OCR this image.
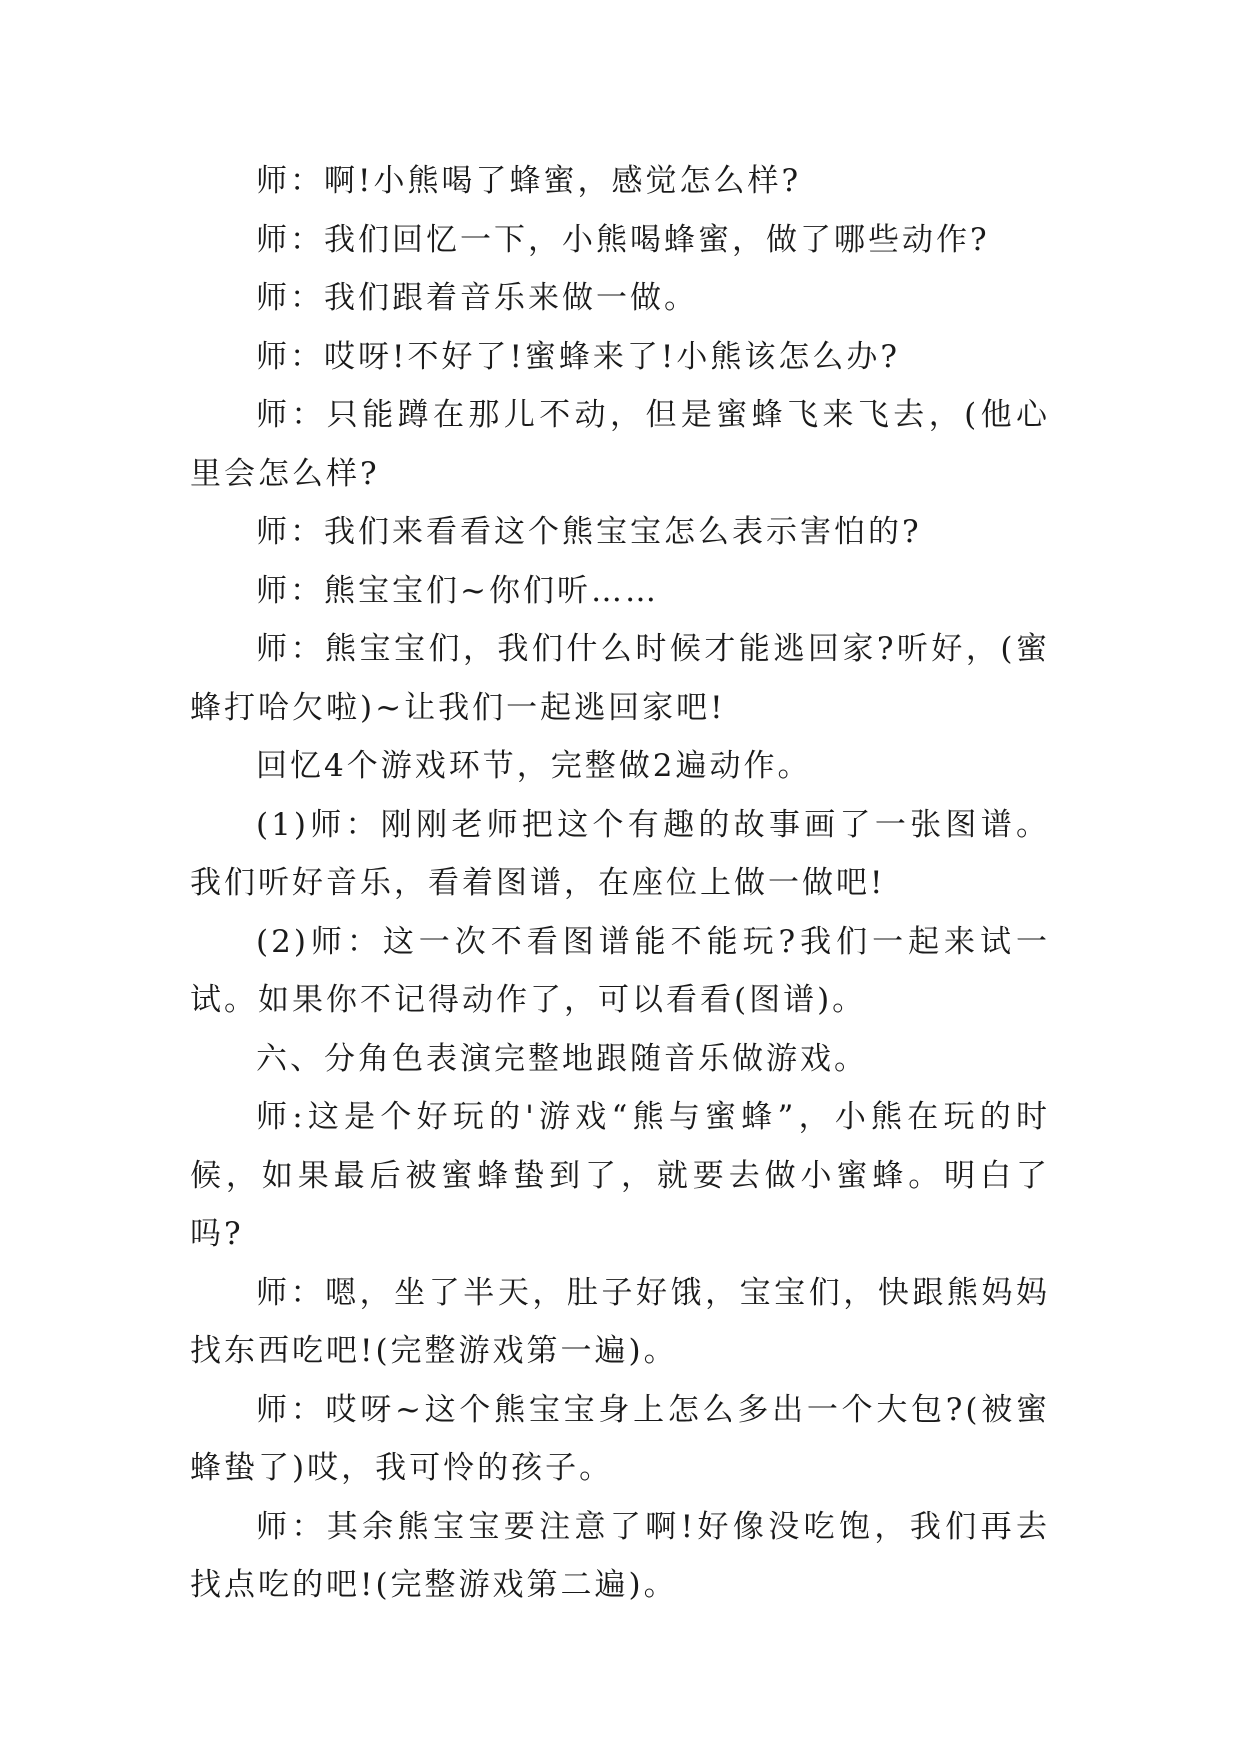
师：啊!小熊喝了蜂蜜，感觉怎么样?

师：我们回忆一下，小熊喝蜂蜜，做了哪些动作?

师：我们跟着音乐来做一做。

师：哎呀!不好了!蜜蜂来了!小熊该怎么办?

师：只能蹲在那儿不动，但是蜜蜂飞来飞去，(他心里会怎么样?

师：我们来看看这个熊宝宝怎么表示害怕的?

师：熊宝宝们~你们听……

师：熊宝宝们，我们什么时候才能逃回家?听好，(蜜蜂打哈欠啦)~让我们一起逃回家吧!

回忆4个游戏环节，完整做2遍动作。

(1)师：刚刚老师把这个有趣的故事画了一张图谱。我们听好音乐，看着图谱，在座位上做一做吧!

(2)师：这一次不看图谱能不能玩?我们一起来试一试。如果你不记得动作了，可以看看(图谱)。

六、分角色表演完整地跟随音乐做游戏。

师:这是个好玩的'游戏“熊与蜜蜂”，小熊在玩的时候，如果最后被蜜蜂蛰到了，就要去做小蜜蜂。明白了吗?

师：嗯，坐了半天，肚子好饿，宝宝们，快跟熊妈妈找东西吃吧!(完整游戏第一遍)。

师：哎呀~这个熊宝宝身上怎么多出一个大包?(被蜜蜂蛰了)哎，我可怜的孩子。

师：其余熊宝宝要注意了啊!好像没吃饱，我们再去找点吃的吧!(完整游戏第二遍)。
